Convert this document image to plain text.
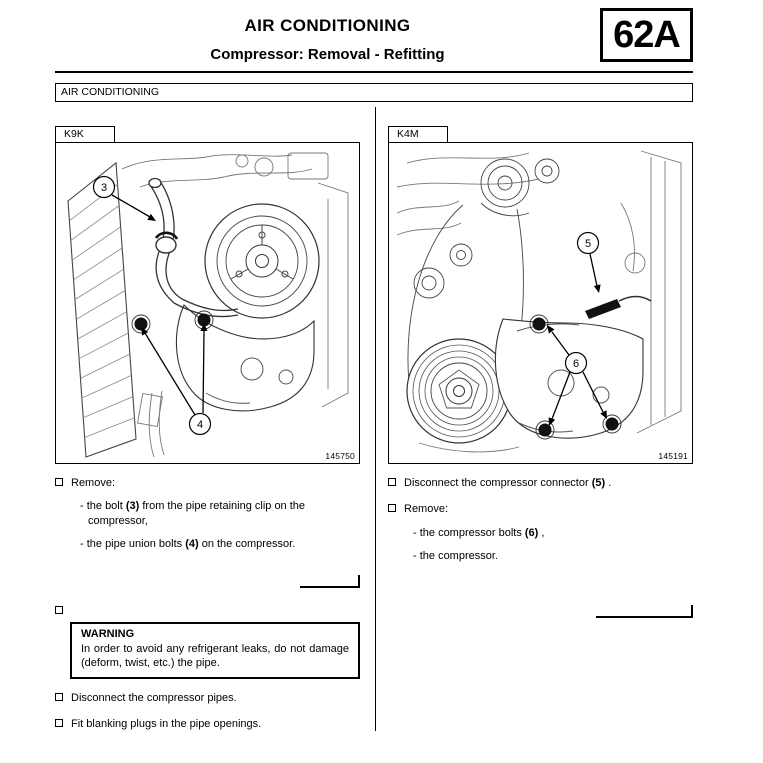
AIR CONDITIONING
Compressor: Removal - Refitting	62A
AIR CONDITIONING
K9K
3
4
145750
Remove:
- the bolt (3) from the pipe retaining clip on the compressor,
- the pipe union bolts (4) on the compressor.
WARNING
In order to avoid any refrigerant leaks, do not damage (deform, twist, etc.) the pipe.
Disconnect the compressor pipes.
Fit blanking plugs in the pipe openings.
K4M
5
6
145191
Disconnect the compressor connector (5) .
Remove:
- the compressor bolts (6) ,
- the compressor.
